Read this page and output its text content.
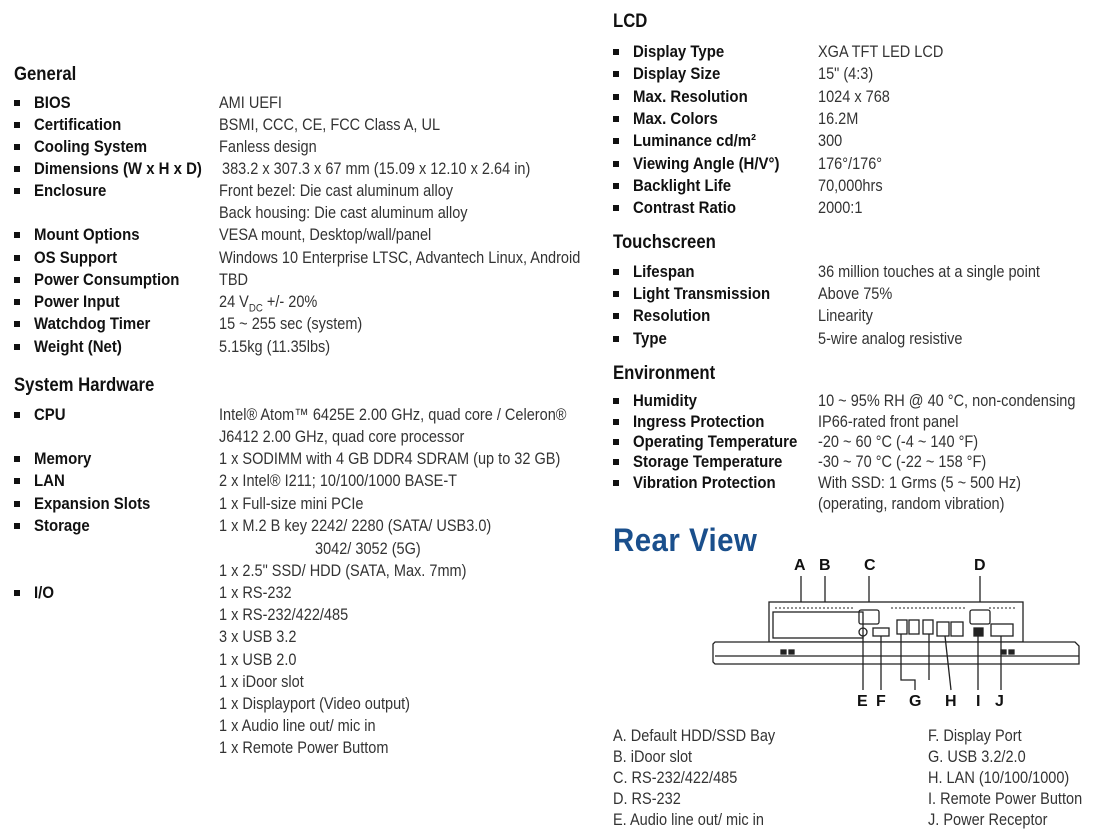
General
BIOS	AMI UEFI
Certification	BSMI, CCC, CE, FCC Class A, UL
Cooling System	Fanless design
Dimensions (W x H x D) 383.2 x 307.3 x 67 mm (15.09 x 12.10 x 2.64 in)
Enclosure	Front bezel: Die cast aluminum alloy
Back housing: Die cast aluminum alloy
Mount Options	VESA mount, Desktop/wall/panel
OS Support	Windows 10 Enterprise LTSC, Advantech Linux, Android
Power Consumption TBD
Power Input	24 $V_{DC}$ +/- 20%
Watchdog Timer	15 ~ 255 sec (system)
Weight (Net)	5.15kg (11.35lbs)
System Hardware
CPU	Intel® Atom™ 6425E 2.00 GHz, quad core / Celeron®
J6412 2.00 GHz, quad core processor
Memory	1 x SODIMM with 4 GB DDR4 SDRAM (up to 32 GB)
LAN	2 x Intel® I211; 10/100/1000 BASE-T
Expansion Slots	1 x Full-size mini PCIe
Storage	1 x M.2 B key 2242/ 2280 (SATA/ USB3.0)
3042/ 3052 (5G)
1 x 2.5" SSD/ HDD (SATA, Max. 7mm)
I/O	1 x RS-232
1 x RS-232/422/485
3 x USB 3.2
1 x USB 2.0
1 x iDoor slot
1 x Displayport (Video output)
1 x Audio line out/ mic in
1 x Remote Power Buttom
LCD
Display Type	XGA TFT LED LCD
Display Size	15" (4:3)
Max. Resolution	1024 x 768
Max. Colors	16.2M
Luminance cd/m²	300
Viewing Angle (H/V°) 176°/176°
Backlight Life	70,000hrs
Contrast Ratio	2000:1
Touchscreen
Lifespan	36 million touches at a single point
Light Transmission	Above 75%
Resolution	Linearity
Type	5-wire analog resistive
Environment
Humidity	10 ~ 95% RH @ 40 °C, non-condensing
Ingress Protection	IP66-rated front panel
Operating Temperature -20 ~ 60 °C (-4 ~ 140 °F)
Storage Temperature -30 ~ 70 °C (-22 ~ 158 °F)
Vibration Protection	With SSD: 1 Grms (5 ~ 500 Hz)
(operating, random vibration)
Rear View
A B C	D
E F G H I J
A. Default HDD/SSD Bay
B. iDoor slot
C. RS-232/422/485
D. RS-232
E. Audio line out/ mic in
F. Display Port
G. USB 3.2/2.0
H. LAN (10/100/1000)
I. Remote Power Button
J. Power Receptor
